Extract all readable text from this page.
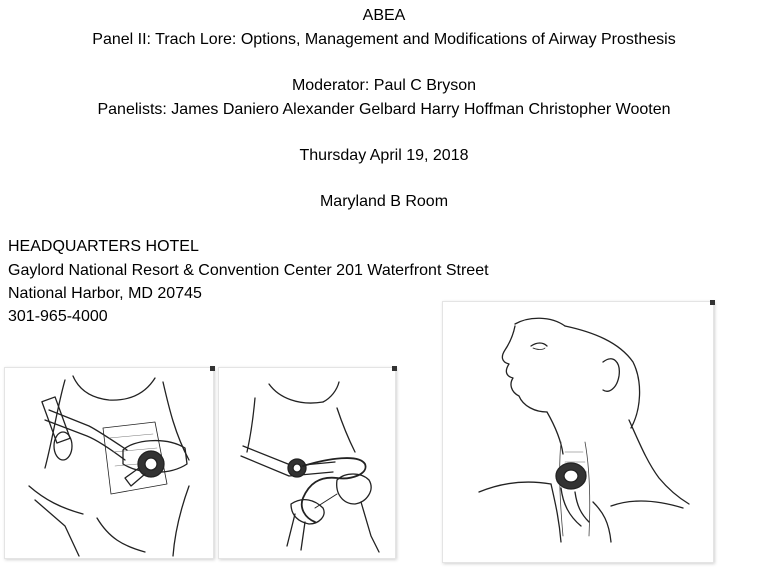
ABEA
Panel II: Trach Lore: Options, Management and Modifications of Airway Prosthesis
Moderator: Paul C Bryson
Panelists: James Daniero Alexander Gelbard Harry Hoffman Christopher Wooten
Thursday April 19, 2018
Maryland B Room
HEADQUARTERS HOTEL
Gaylord National Resort & Convention Center 201 Waterfront Street
National Harbor, MD 20745
301-965-4000
